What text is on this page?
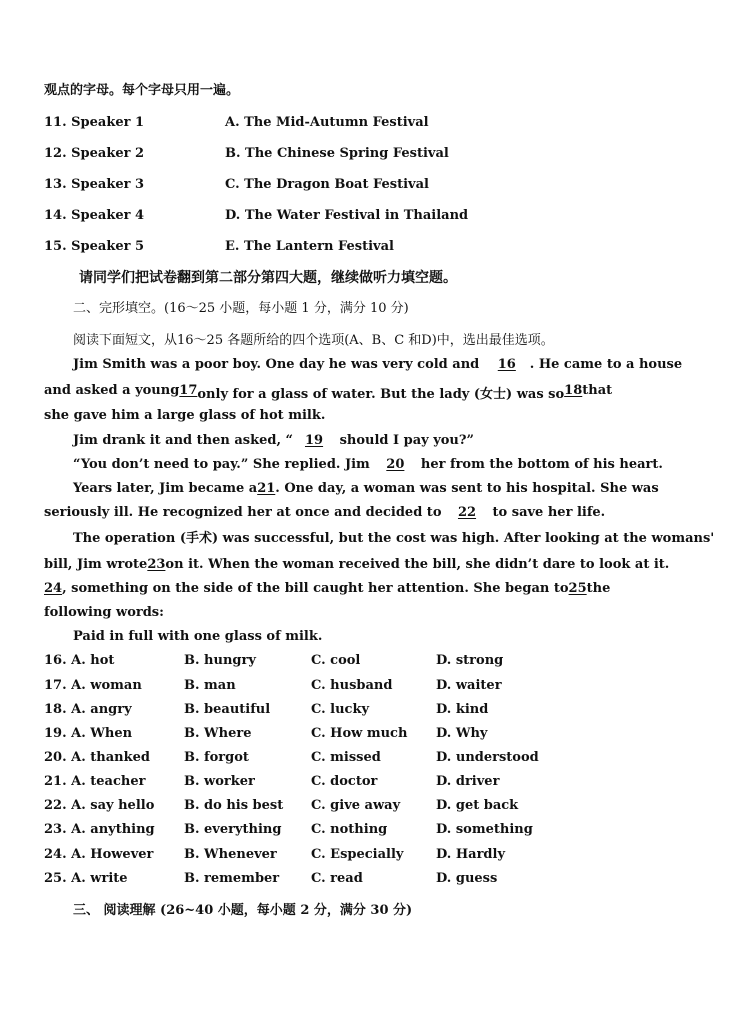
观点的字母。每个字母只用一遍。
11. Speaker 1	A. The Mid-Autumn Festival
12. Speaker 2	B. The Chinese Spring Festival
13. Speaker 3	C. The Dragon Boat Festival
14. Speaker 4	D. The Water Festival in Thailand
15. Speaker 5	E. The Lantern Festival
请同学们把试卷翻到第二部分第四大题，继续做听力填空题。
二、完形填空。(16～25 小题，每小题 1 分，满分 10 分)
阅读下面短文，从16～25 各题所给的四个选项(A、B、C 和D)中，选出最佳选项。
Jim Smith was a poor boy. One day he was very cold and 16 . He came to a house
and asked a young 17 only for a glass of water. But the lady (女士) was so 18 that
she gave him a large glass of hot milk.
Jim drank it and then asked, “ 19 should I pay you?”
“You don’t need to pay.” She replied. Jim 20 her from the bottom of his heart.
Years later, Jim became a 21 . One day, a woman was sent to his hospital. She was
seriously ill. He recognized her at once and decided to 22 to save her life.
The operation (手术) was successful, but the cost was high. After looking at the womans'
bill, Jim wrote 23 on it. When the woman received the bill, she didn’t dare to look at it.
24 , something on the side of the bill caught her attention. She began to 25 the
following words:
Paid in full with one glass of milk.
16. A. hot	B. hungry	C. cool	D. strong
17. A. woman	B. man	C. husband	D. waiter
18. A. angry	B. beautiful	C. lucky	D. kind
19. A. When	B. Where	C. How much D. Why
20. A. thanked	B. forgot	C. missed	D. understood
21. A. teacher	B. worker	C. doctor	D. driver
22. A. say hello B. do his best C. give away	D. get back
23. A. anything B. everything C. nothing	D. something
24. A. However B. Whenever	C. Especially	D. Hardly
25. A. write	B. remember C. read	D. guess
三、 阅读理解 (26~40 小题，每小题 2 分，满分 30 分)
